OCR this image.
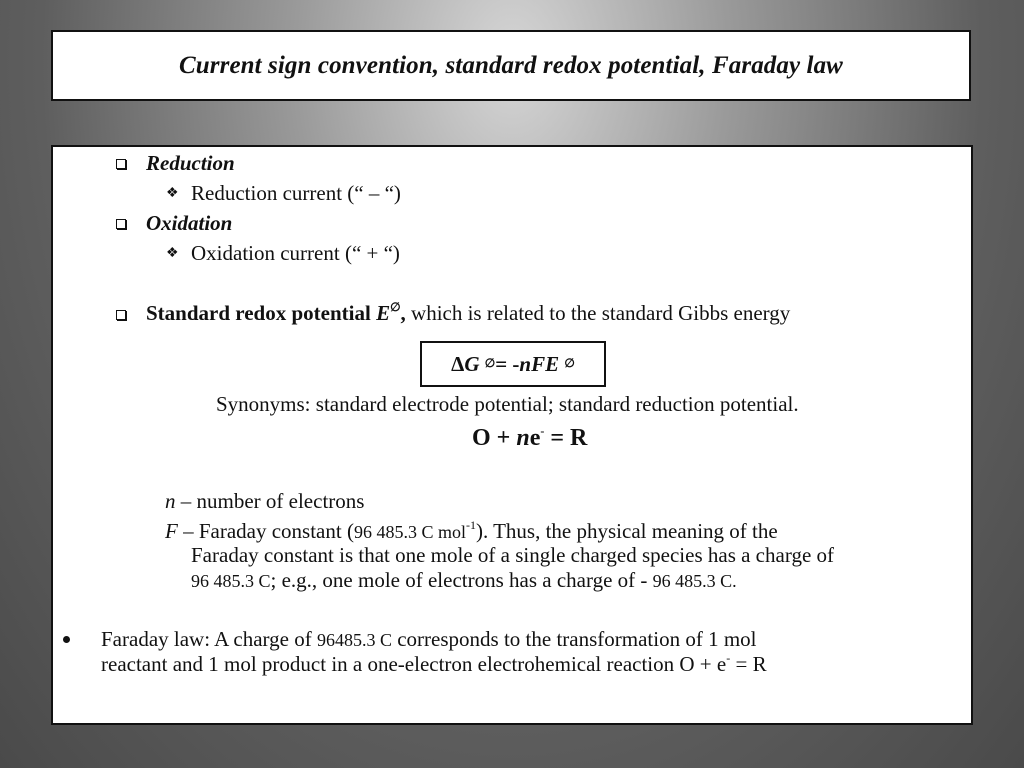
Current sign convention, standard redox potential, Faraday law
Reduction
❖ Reduction current (“ – “)
Oxidation
❖ Oxidation current (“ + “)
Standard redox potential E∅, which is related to the standard Gibbs energy
Δ G
∅ = - nFE
∅
Synonyms: standard electrode potential; standard reduction potential.
O + ne- = R
n – number of electrons
F – Faraday constant (96 485.3 C mol$^{-1}$). Thus, the physical meaning of the
Faraday constant is that one mole of a single charged species has a charge of
96 485.3 C; e.g., one mole of electrons has a charge of - 96 485.3 C.
Faraday law: A charge of 96485.3 C corresponds to the transformation of 1 mol
reactant and 1 mol product in a one-electron electrohemical reaction O + e- = R
